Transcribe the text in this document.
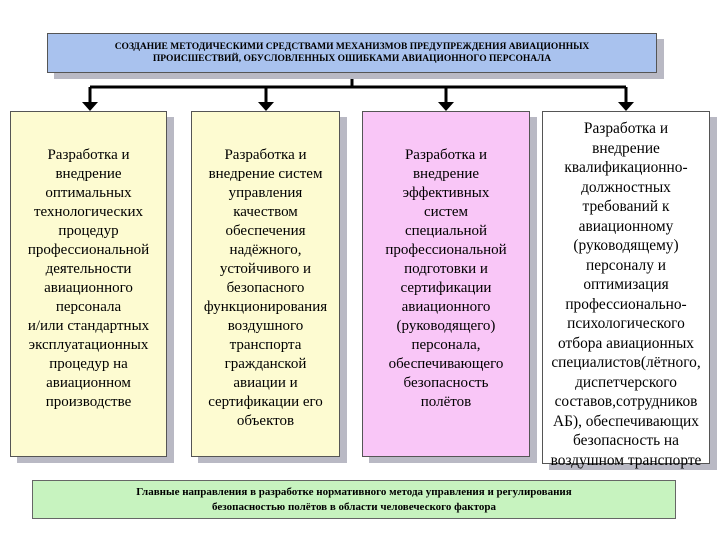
СОЗДАНИЕ МЕТОДИЧЕСКИМИ СРЕДСТВАМИ МЕХАНИЗМОВ ПРЕДУПРЕЖДЕНИЯ АВИАЦИОННЫХ
ПРОИСШЕСТВИЙ, ОБУСЛОВЛЕННЫХ ОШИБКАМИ АВИАЦИОННОГО ПЕРСОНАЛА
Разработка и
внедрение
оптимальных
технологических
процедур
профессиональной
деятельности
авиационного
персонала
и/или стандартных
эксплуатационных
процедур на
авиационном
производстве
Разработка и
внедрение систем
управления
качеством
обеспечения
надёжного,
устойчивого и
безопасного
функционирования
воздушного
транспорта
гражданской
авиации и
сертификации его
объектов
Разработка и
внедрение
эффективных
систем
специальной
профессиональной
подготовки и
сертификации
авиационного
(руководящего)
персонала,
обеспечивающего
безопасность
полётов
Разработка и
внедрение
квалификационно-
должностных
требований к
авиационному
(руководящему)
персоналу и
оптимизация
профессионально-
психологического
отбора авиационных
специалистов(лётного,
диспетчерского
составов,сотрудников
АБ), обеспечивающих
безопасность на
воздушном транспорте
Главные направления в разработке нормативного метода управления и регулирования
безопасностью полётов в области человеческого фактора
